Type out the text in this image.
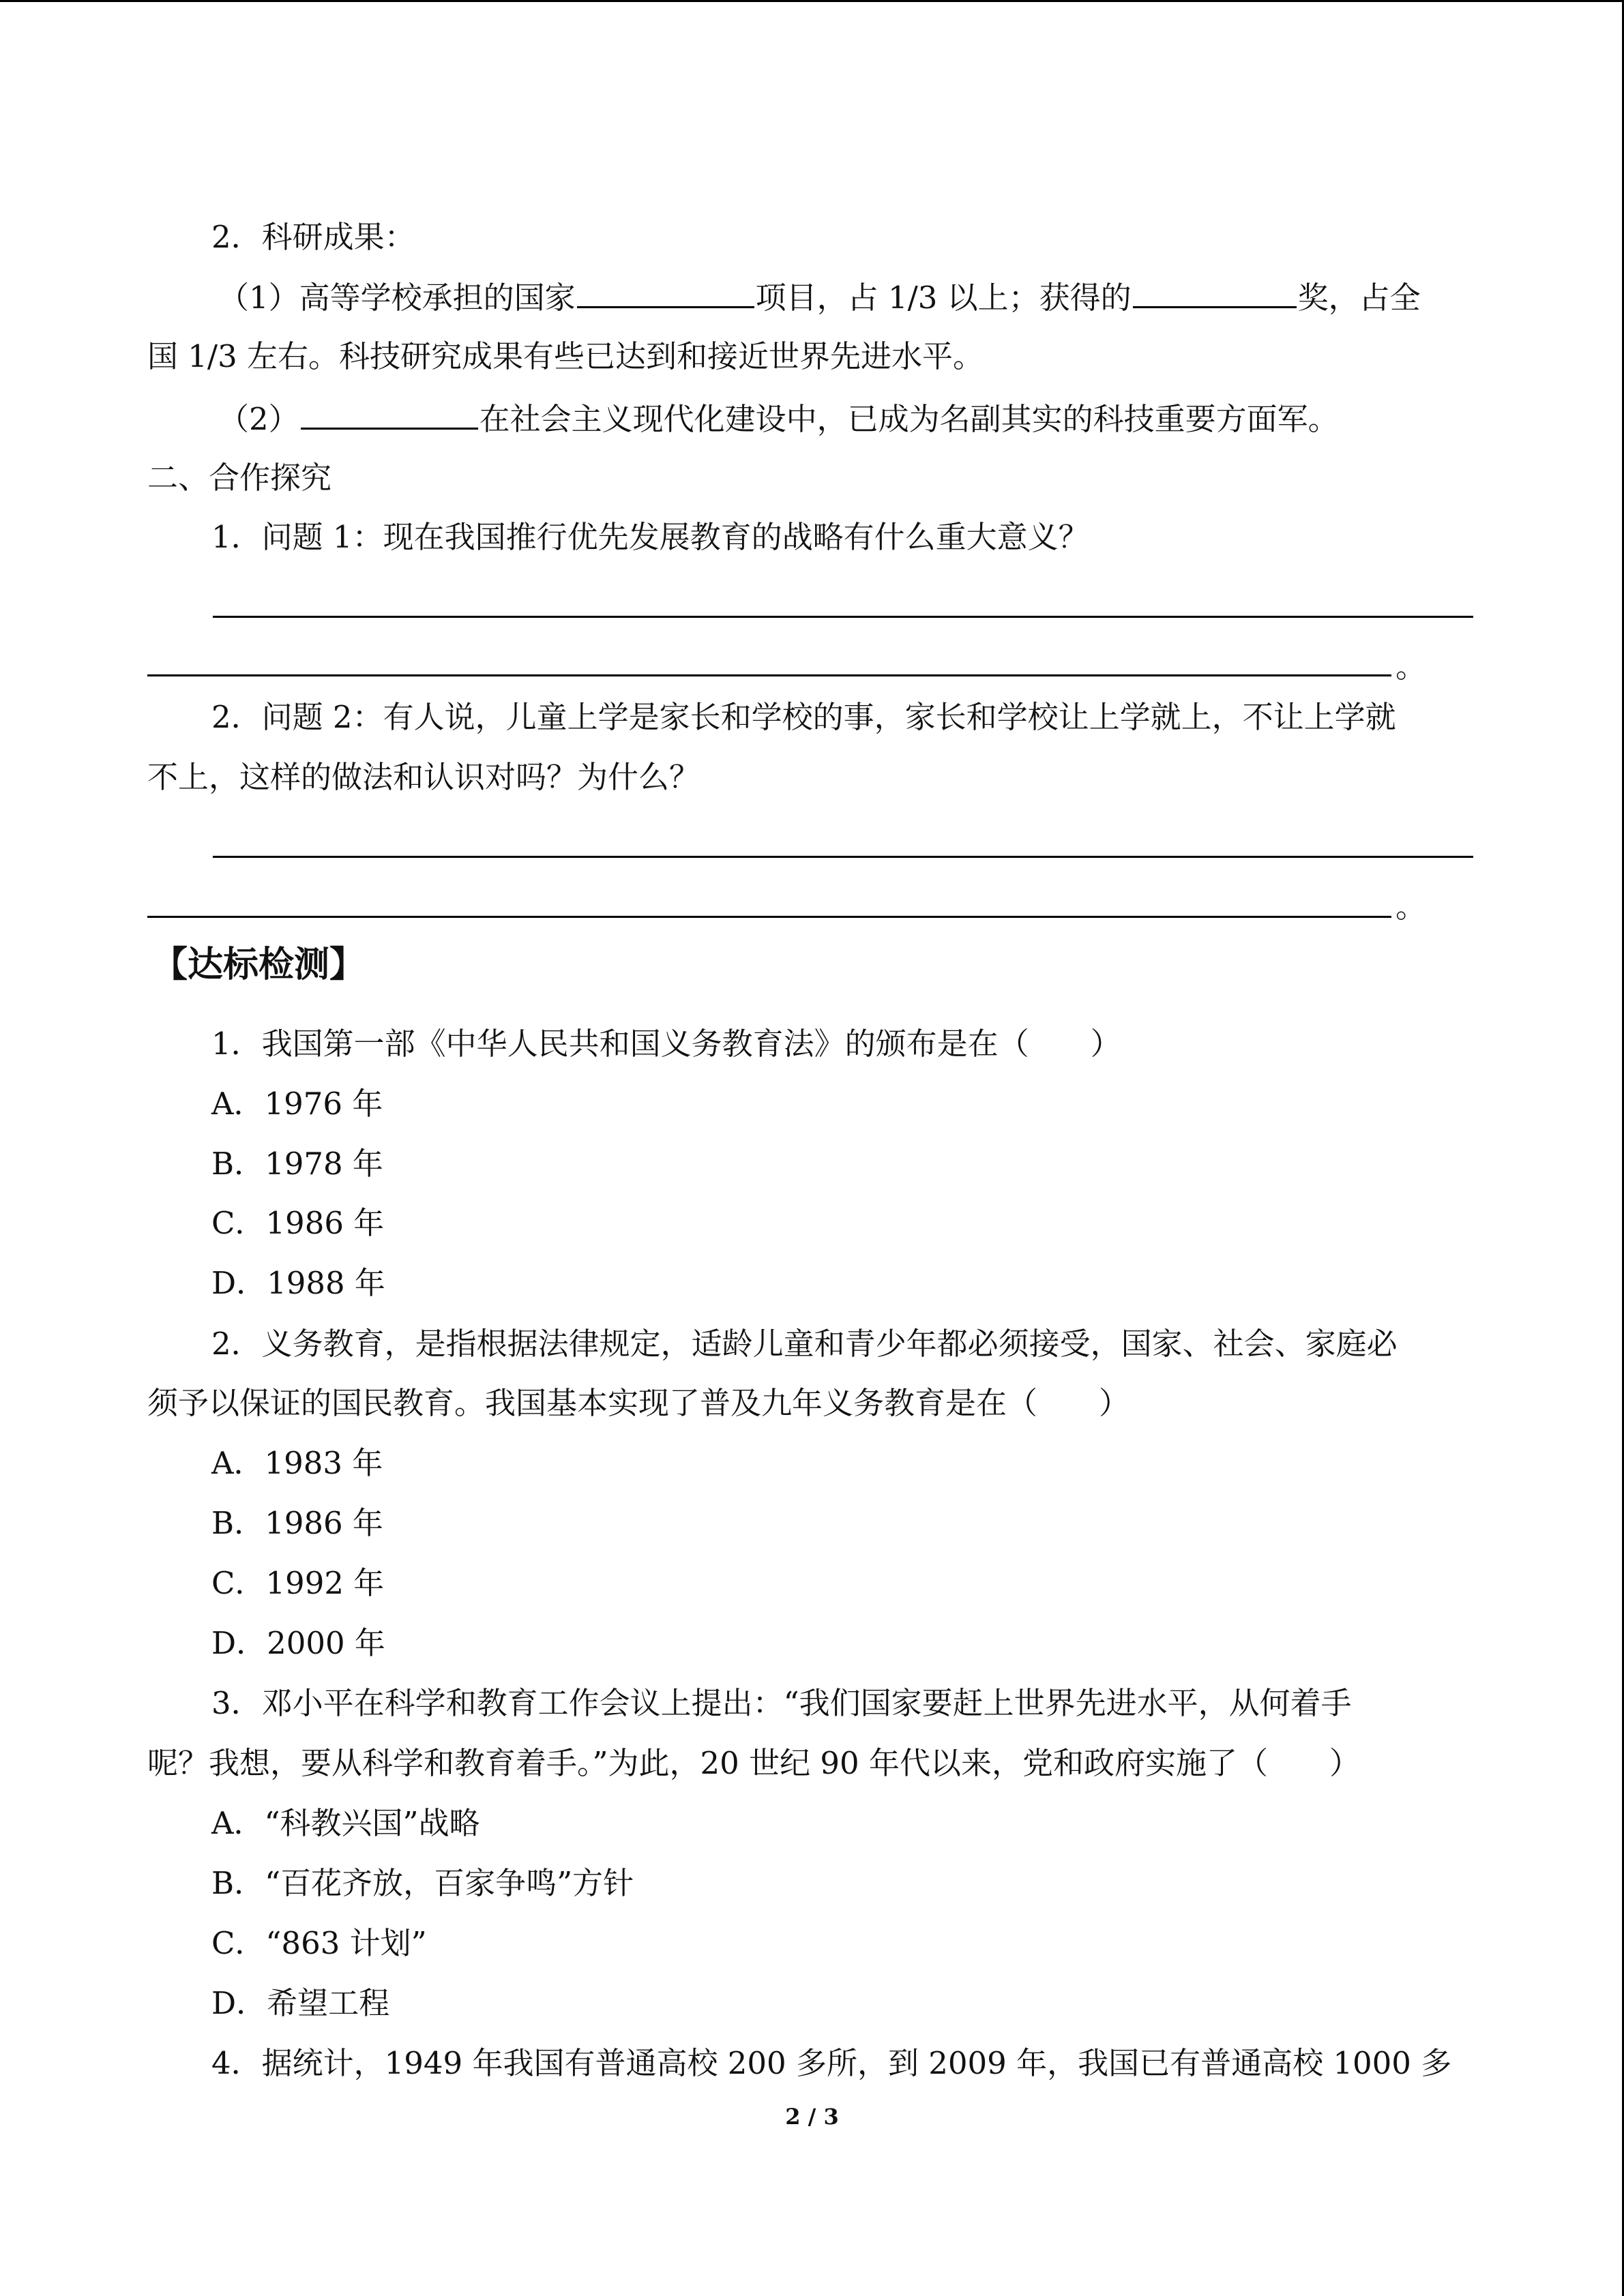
2．科研成果：
（1）高等学校承担的国家	项目，占 1/3 以上；获得的	奖，占全
国 1/3 左右。科技研究成果有些已达到和接近世界先进水平。
（2）	在社会主义现代化建设中，已成为名副其实的科技重要方面军。
二、合作探究
1．问题 1：现在我国推行优先发展教育的战略有什么重大意义？
。
2．问题 2：有人说，儿童上学是家长和学校的事，家长和学校让上学就上，不让上学就
不上，这样的做法和认识对吗？为什么？
。
【达标检测】
1．我国第一部《中华人民共和国义务教育法》的颁布是在（　　）
A．1976 年
B．1978 年
C．1986 年
D．1988 年
2．义务教育，是指根据法律规定，适龄儿童和青少年都必须接受，国家、社会、家庭必
须予以保证的国民教育。我国基本实现了普及九年义务教育是在（　　）
A．1983 年
B．1986 年
C．1992 年
D．2000 年
3．邓小平在科学和教育工作会议上提出：“我们国家要赶上世界先进水平，从何着手
呢？我想，要从科学和教育着手。”为此，20 世纪 90 年代以来，党和政府实施了（　　）
A．“科教兴国”战略
B．“百花齐放，百家争鸣”方针
C．“863 计划”
D．希望工程
4．据统计，1949 年我国有普通高校 200 多所，到 2009 年，我国已有普通高校 1000 多
2 / 3
